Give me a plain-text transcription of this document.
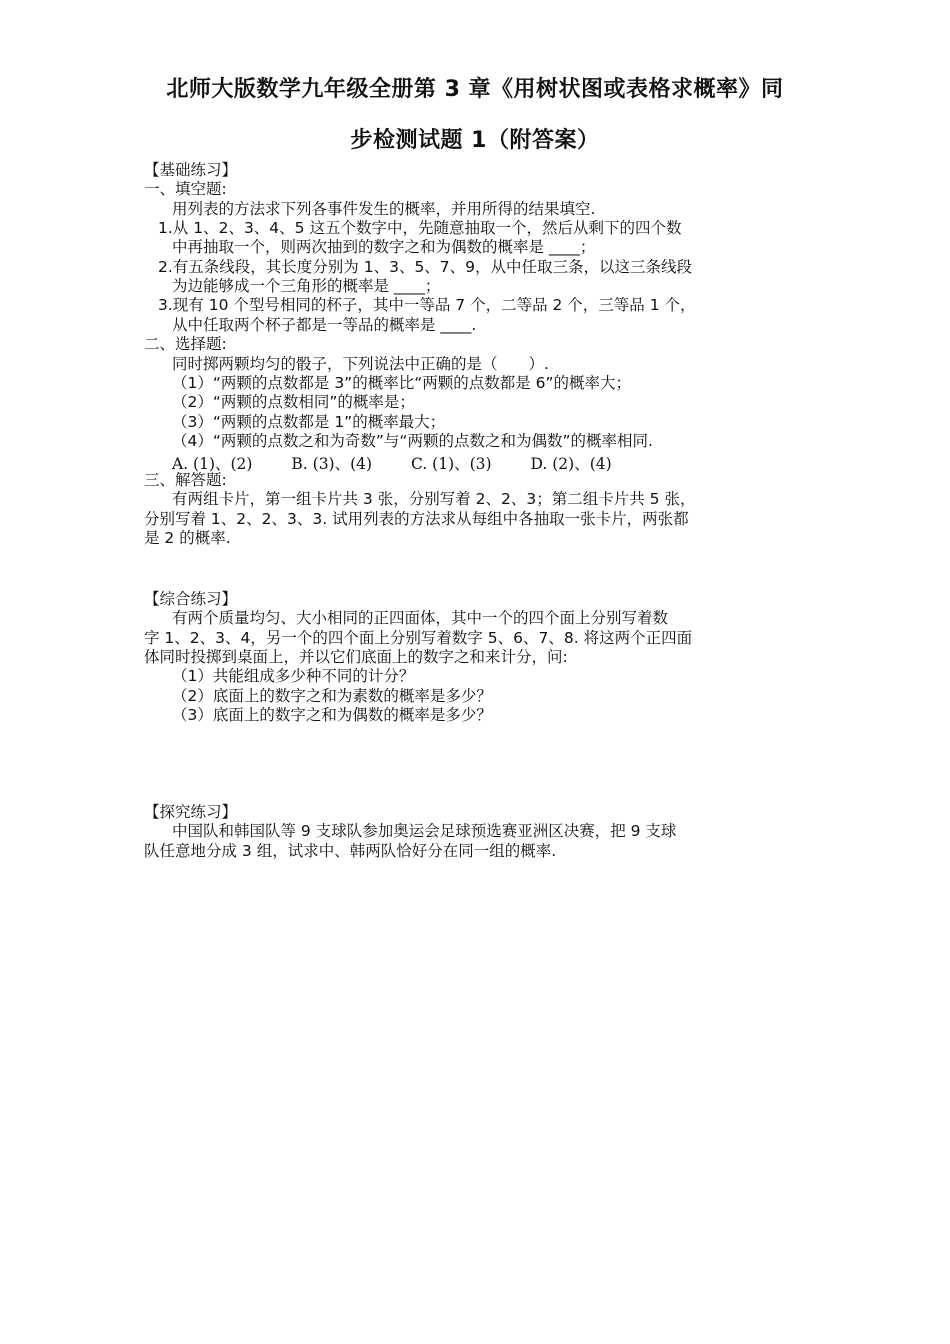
北师大版数学九年级全册第 3 章《用树状图或表格求概率》同
步检测试题 1（附答案）
【基础练习】
一、填空题:
用列表的方法求下列各事件发生的概率，并用所得的结果填空.
1.从 1、2、3、4、5 这五个数字中，先随意抽取一个，然后从剩下的四个数
中再抽取一个，则两次抽到的数字之和为偶数的概率是 ____；
2.有五条线段，其长度分别为 1、3、5、7、9，从中任取三条，以这三条线段
为边能够成一个三角形的概率是 ____；
3.现有 10 个型号相同的杯子，其中一等品 7 个，二等品 2 个，三等品 1 个，
从中任取两个杯子都是一等品的概率是 ____.
二、选择题:
同时掷两颗均匀的骰子，下列说法中正确的是（　　）.
（1）“两颗的点数都是 3”的概率比“两颗的点数都是 6”的概率大；
（2）“两颗的点数相同”的概率是；
（3）“两颗的点数都是 1”的概率最大；
（4）“两颗的点数之和为奇数”与“两颗的点数之和为偶数”的概率相同.
A. (1)、(2)	B. (3)、(4)	C. (1)、(3)	D. (2)、(4)
三、解答题:
有两组卡片，第一组卡片共 3 张，分别写着 2、2、3；第二组卡片共 5 张，
分别写着 1、2、2、3、3. 试用列表的方法求从每组中各抽取一张卡片，两张都
是 2 的概率.
【综合练习】
有两个质量均匀、大小相同的正四面体，其中一个的四个面上分别写着数
字 1、2、3、4，另一个的四个面上分别写着数字 5、6、7、8. 将这两个正四面
体同时投掷到桌面上，并以它们底面上的数字之和来计分，问:
（1）共能组成多少种不同的计分？
（2）底面上的数字之和为素数的概率是多少？
（3）底面上的数字之和为偶数的概率是多少？
【探究练习】
中国队和韩国队等 9 支球队参加奥运会足球预选赛亚洲区决赛，把 9 支球
队任意地分成 3 组，试求中、韩两队恰好分在同一组的概率.
